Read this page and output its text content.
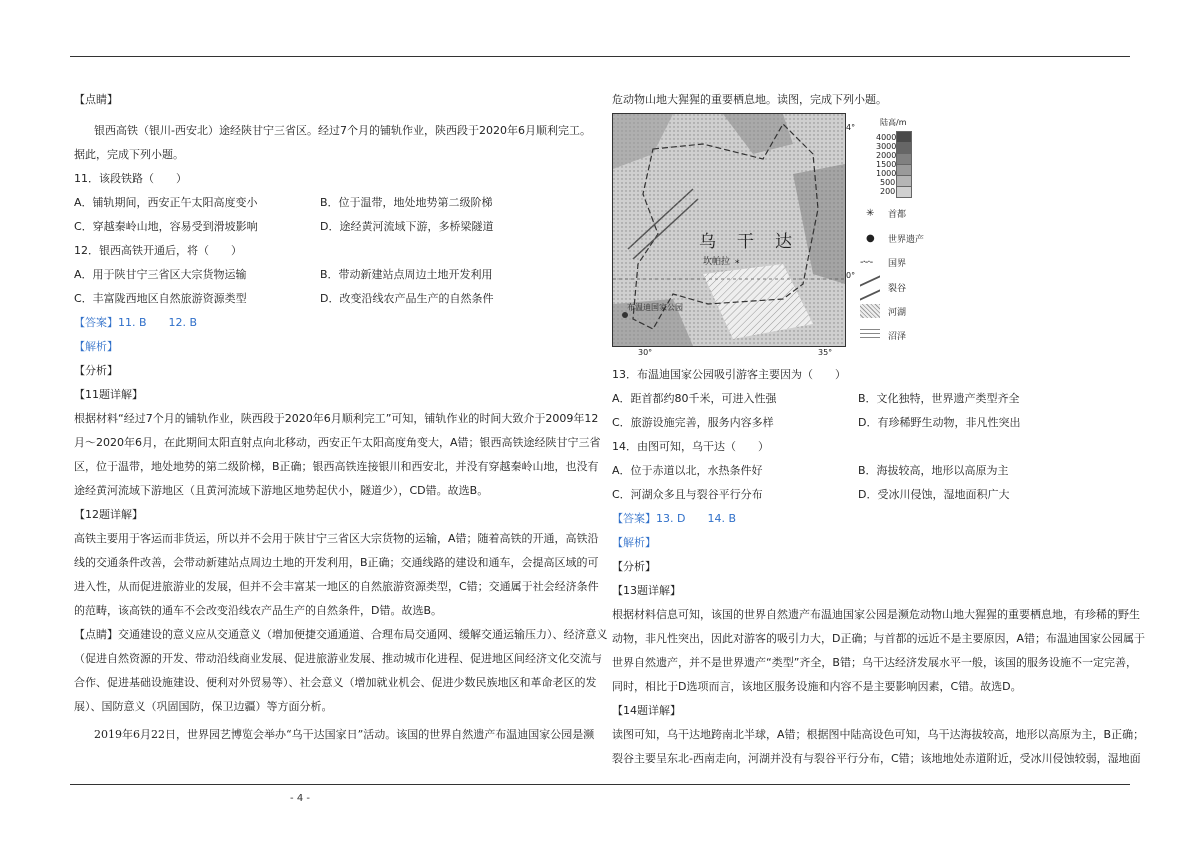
【点睛】
银西高铁（银川-西安北）途经陕甘宁三省区。经过7个月的铺轨作业，陕西段于2020年6月顺利完工。
据此，完成下列小题。
11．该段铁路（　　）
A．铺轨期间，西安正午太阳高度变小	B．位于温带，地处地势第二级阶梯
C．穿越秦岭山地，容易受到滑坡影响	D．途经黄河流域下游，多桥梁隧道
12．银西高铁开通后，将（　　）
A．用于陕甘宁三省区大宗货物运输	B．带动新建站点周边土地开发利用
C．丰富陇西地区自然旅游资源类型	D．改变沿线农产品生产的自然条件
【答案】11. B　　12. B
【解析】
【分析】
【11题详解】
根据材料“经过7个月的铺轨作业，陕西段于2020年6月顺利完工”可知，铺轨作业的时间大致介于2009年12
月～2020年6月，在此期间太阳直射点向北移动，西安正午太阳高度角变大，A错；银西高铁途经陕甘宁三省
区，位于温带，地处地势的第二级阶梯，B正确；银西高铁连接银川和西安北，并没有穿越秦岭山地，也没有
途经黄河流域下游地区（且黄河流域下游地区地势起伏小，隧道少），CD错。故选B。
【12题详解】
高铁主要用于客运而非货运，所以并不会用于陕甘宁三省区大宗货物的运输，A错；随着高铁的开通，高铁沿
线的交通条件改善，会带动新建站点周边土地的开发利用，B正确；交通线路的建设和通车，会提高区域的可
进入性，从而促进旅游业的发展，但并不会丰富某一地区的自然旅游资源类型，C错；交通属于社会经济条件
的范畴，该高铁的通车不会改变沿线农产品生产的自然条件，D错。故选B。
【点睛】交通建设的意义应从交通意义（增加便捷交通通道、合理布局交通网、缓解交通运输压力）、经济意义
（促进自然资源的开发、带动沿线商业发展、促进旅游业发展、推动城市化进程、促进地区间经济文化交流与
合作、促进基础设施建设、便利对外贸易等）、社会意义（增加就业机会、促进少数民族地区和革命老区的发
展）、国防意义（巩固国防，保卫边疆）等方面分析。
2019年6月22日，世界园艺博览会举办“乌干达国家日”活动。该国的世界自然遗产布温迪国家公园是濒
危动物山地大猩猩的重要栖息地。读图，完成下列小题。
*
乌　干　达
坎帕拉
布温迪国家公园
4°
0°
30°	35°
陆高/m
4000
3000
2000
1500
1000
500
200
✳ 首都
● 世界遗产
-·-·- 国界
裂谷
河湖
沼泽
13．布温迪国家公园吸引游客主要因为（　　）
A．距首都约80千米，可进入性强	B．文化独特，世界遗产类型齐全
C．旅游设施完善，服务内容多样	D．有珍稀野生动物，非凡性突出
14．由图可知，乌干达（　　）
A．位于赤道以北，水热条件好	B．海拔较高，地形以高原为主
C．河湖众多且与裂谷平行分布	D．受冰川侵蚀，湿地面积广大
【答案】13. D　　14. B
【解析】
【分析】
【13题详解】
根据材料信息可知，该国的世界自然遗产布温迪国家公园是濒危动物山地大猩猩的重要栖息地，有珍稀的野生
动物，非凡性突出，因此对游客的吸引力大，D正确；与首都的远近不是主要原因，A错；布温迪国家公园属于
世界自然遗产，并不是世界遗产“类型”齐全，B错；乌干达经济发展水平一般，该国的服务设施不一定完善，
同时，相比于D选项而言，该地区服务设施和内容不是主要影响因素，C错。故选D。
【14题详解】
读图可知，乌干达地跨南北半球，A错；根据图中陆高设色可知，乌干达海拔较高，地形以高原为主，B正确；
裂谷主要呈东北-西南走向，河湖并没有与裂谷平行分布，C错；该地地处赤道附近，受冰川侵蚀较弱，湿地面
- 4 -
